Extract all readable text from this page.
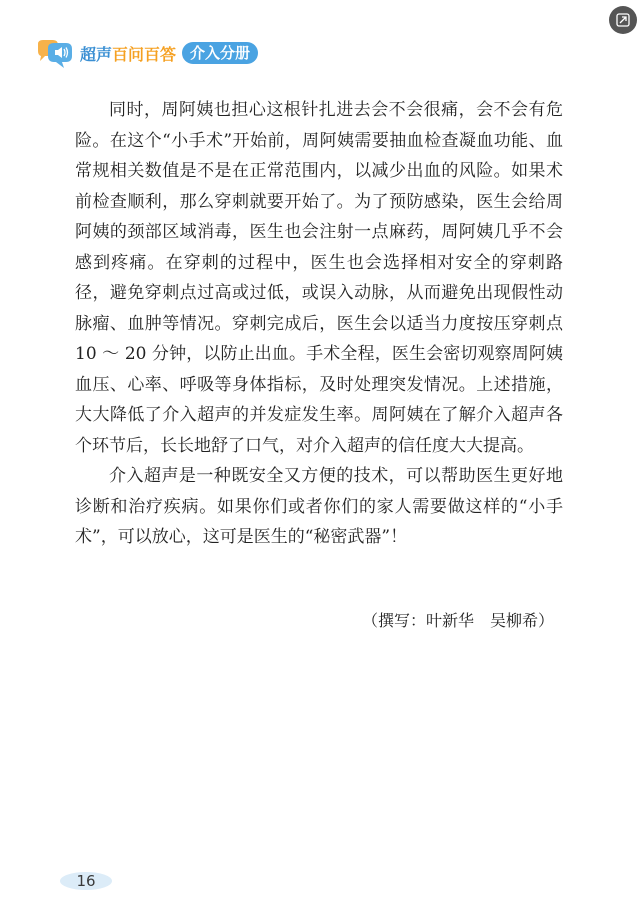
超声百问百答 介入分册

同时，周阿姨也担心这根针扎进去会不会很痛，会不会有危险。在这个“小手术”开始前，周阿姨需要抽血检查凝血功能、血常规相关数值是不是在正常范围内，以减少出血的风险。如果术前检查顺利，那么穿刺就要开始了。为了预防感染，医生会给周阿姨的颈部区域消毒，医生也会注射一点麻药，周阿姨几乎不会感到疼痛。在穿刺的过程中，医生也会选择相对安全的穿刺路径，避免穿刺点过高或过低，或误入动脉，从而避免出现假性动脉瘤、血肿等情况。穿刺完成后，医生会以适当力度按压穿刺点 10 ～ 20 分钟，以防止出血。手术全程，医生会密切观察周阿姨血压、心率、呼吸等身体指标，及时处理突发情况。上述措施，大大降低了介入超声的并发症发生率。周阿姨在了解介入超声各个环节后，长长地舒了口气，对介入超声的信任度大大提高。

介入超声是一种既安全又方便的技术，可以帮助医生更好地诊断和治疗疾病。如果你们或者你们的家人需要做这样的“小手术”，可以放心，这可是医生的“秘密武器”！

（撰写：叶新华　吴柳希）
16
